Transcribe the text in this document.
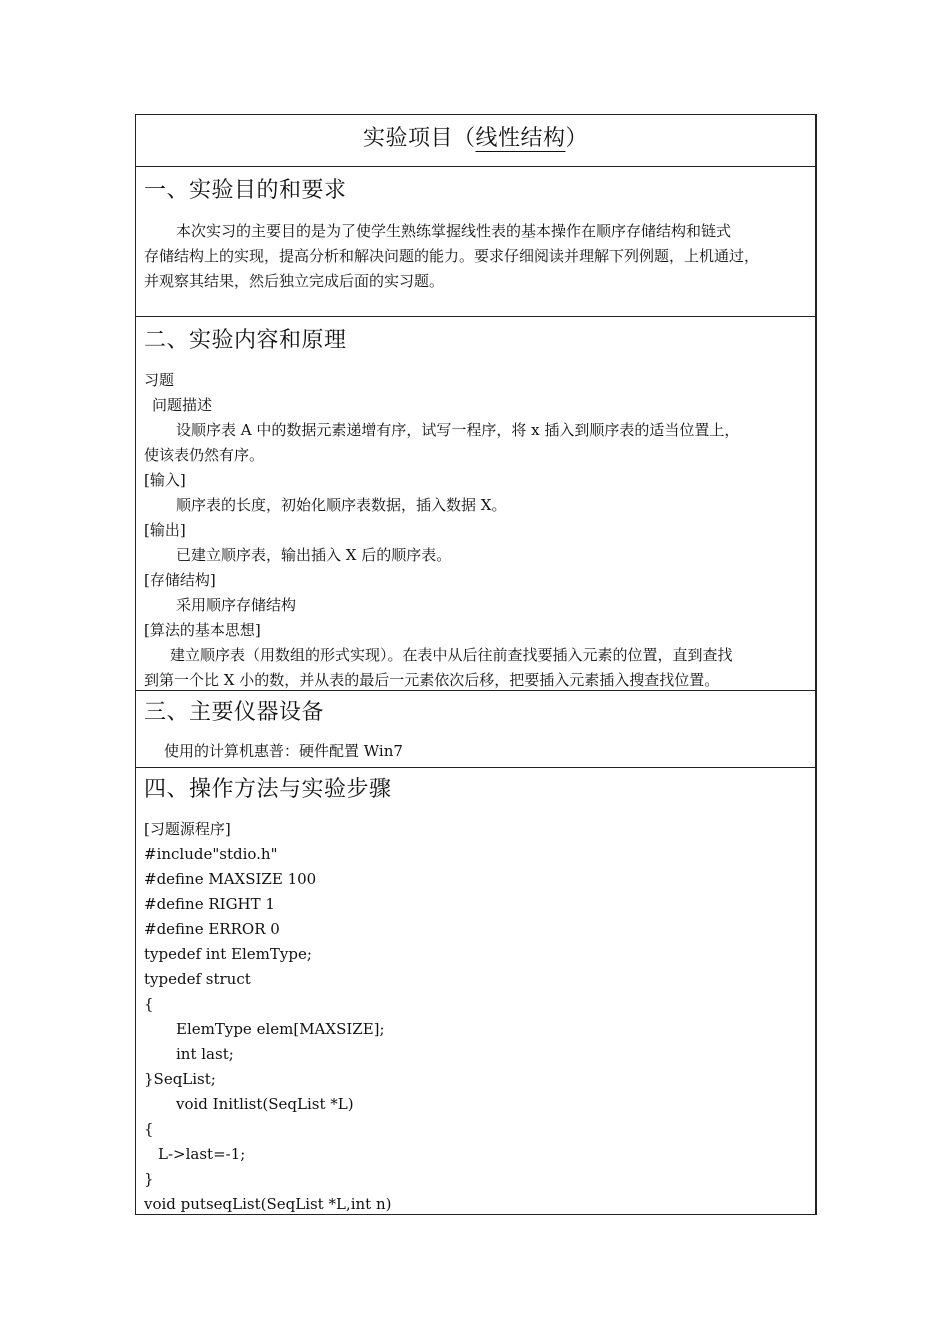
实验项目（线性结构）
一、实验目的和要求
本次实习的主要目的是为了使学生熟练掌握线性表的基本操作在顺序存储结构和链式
存储结构上的实现，提高分析和解决问题的能力。要求仔细阅读并理解下列例题，上机通过，
并观察其结果，然后独立完成后面的实习题。
二、实验内容和原理
习题
问题描述
设顺序表 A 中的数据元素递增有序，试写一程序，将 x 插入到顺序表的适当位置上，
使该表仍然有序。
[输入]
顺序表的长度，初始化顺序表数据，插入数据 X。
[输出]
已建立顺序表，输出插入 X 后的顺序表。
[存储结构]
采用顺序存储结构
[算法的基本思想]
建立顺序表（用数组的形式实现）。在表中从后往前查找要插入元素的位置，直到查找
到第一个比 X 小的数，并从表的最后一元素依次后移，把要插入元素插入搜查找位置。
三、主要仪器设备
使用的计算机惠普：硬件配置 Win7
四、操作方法与实验步骤
[习题源程序]
#include"stdio.h"
#define MAXSIZE 100
#define RIGHT 1
#define ERROR 0
typedef int ElemType;
typedef struct
{
ElemType elem[MAXSIZE];
int last;
}SeqList;
void Initlist(SeqList *L)
{
L->last=-1;
}
void putseqList(SeqList *L,int n)
